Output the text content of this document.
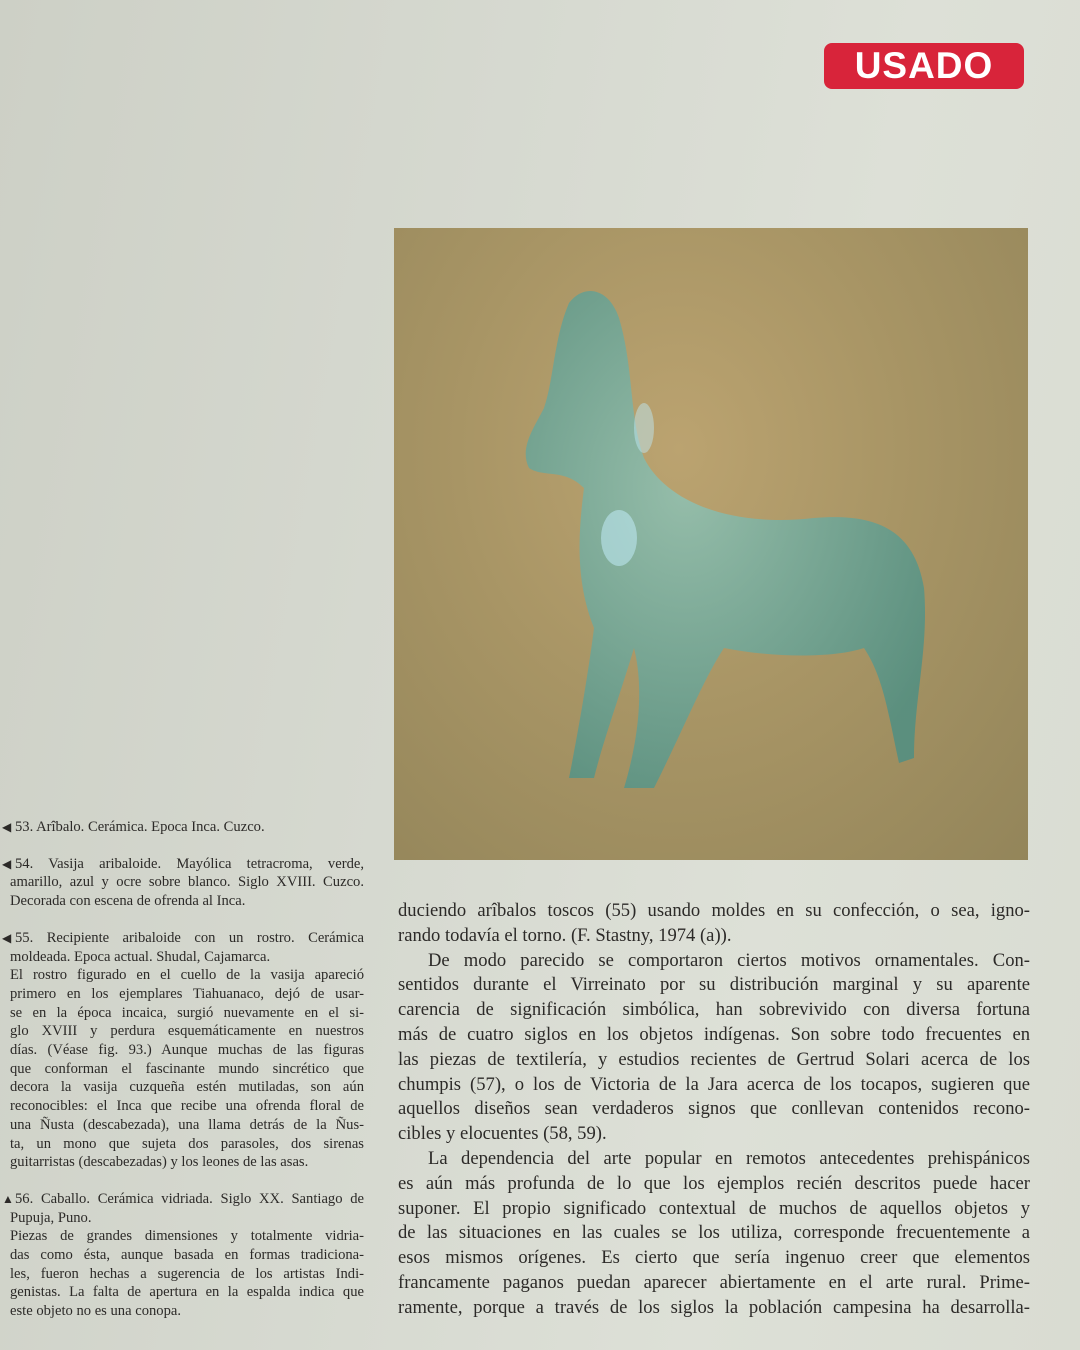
USADO
◀ 53. Arîbalo. Cerámica. Epoca Inca. Cuzco.
◀ 54. Vasija aribaloide. Mayólica tetracroma, verde,
amarillo, azul y ocre sobre blanco. Siglo XVIII. Cuzco.
Decorada con escena de ofrenda al Inca.
◀ 55. Recipiente aribaloide con un rostro. Cerámica
moldeada. Epoca actual. Shudal, Cajamarca.
El rostro figurado en el cuello de la vasija apareció
primero en los ejemplares Tiahuanaco, dejó de usar-
se en la época incaica, surgió nuevamente en el si-
glo XVIII y perdura esquemáticamente en nuestros
días. (Véase fig. 93.) Aunque muchas de las figuras
que conforman el fascinante mundo sincrético que
decora la vasija cuzqueña estén mutiladas, son aún
reconocibles: el Inca que recibe una ofrenda floral de
una Ñusta (descabezada), una llama detrás de la Ñus-
ta, un mono que sujeta dos parasoles, dos sirenas
guitarristas (descabezadas) y los leones de las asas.
▲ 56. Caballo. Cerámica vidriada. Siglo XX. Santiago de
Pupuja, Puno.
Piezas de grandes dimensiones y totalmente vidria-
das como ésta, aunque basada en formas tradiciona-
les, fueron hechas a sugerencia de los artistas Indi-
genistas. La falta de apertura en la espalda indica que
este objeto no es una conopa.
duciendo arîbalos toscos (55) usando moldes en su confección, o sea, igno-
rando todavía el torno. (F. Stastny, 1974 (a)).
De modo parecido se comportaron ciertos motivos ornamentales. Con-
sentidos durante el Virreinato por su distribución marginal y su aparente
carencia de significación simbólica, han sobrevivido con diversa fortuna
más de cuatro siglos en los objetos indígenas. Son sobre todo frecuentes en
las piezas de textilería, y estudios recientes de Gertrud Solari acerca de los
chumpis (57), o los de Victoria de la Jara acerca de los tocapos, sugieren que
aquellos diseños sean verdaderos signos que conllevan contenidos recono-
cibles y elocuentes (58, 59).
La dependencia del arte popular en remotos antecedentes prehispánicos
es aún más profunda de lo que los ejemplos recién descritos puede hacer
suponer. El propio significado contextual de muchos de aquellos objetos y
de las situaciones en las cuales se los utiliza, corresponde frecuentemente a
esos mismos orígenes. Es cierto que sería ingenuo creer que elementos
francamente paganos puedan aparecer abiertamente en el arte rural. Prime-
ramente, porque a través de los siglos la población campesina ha desarrolla-
